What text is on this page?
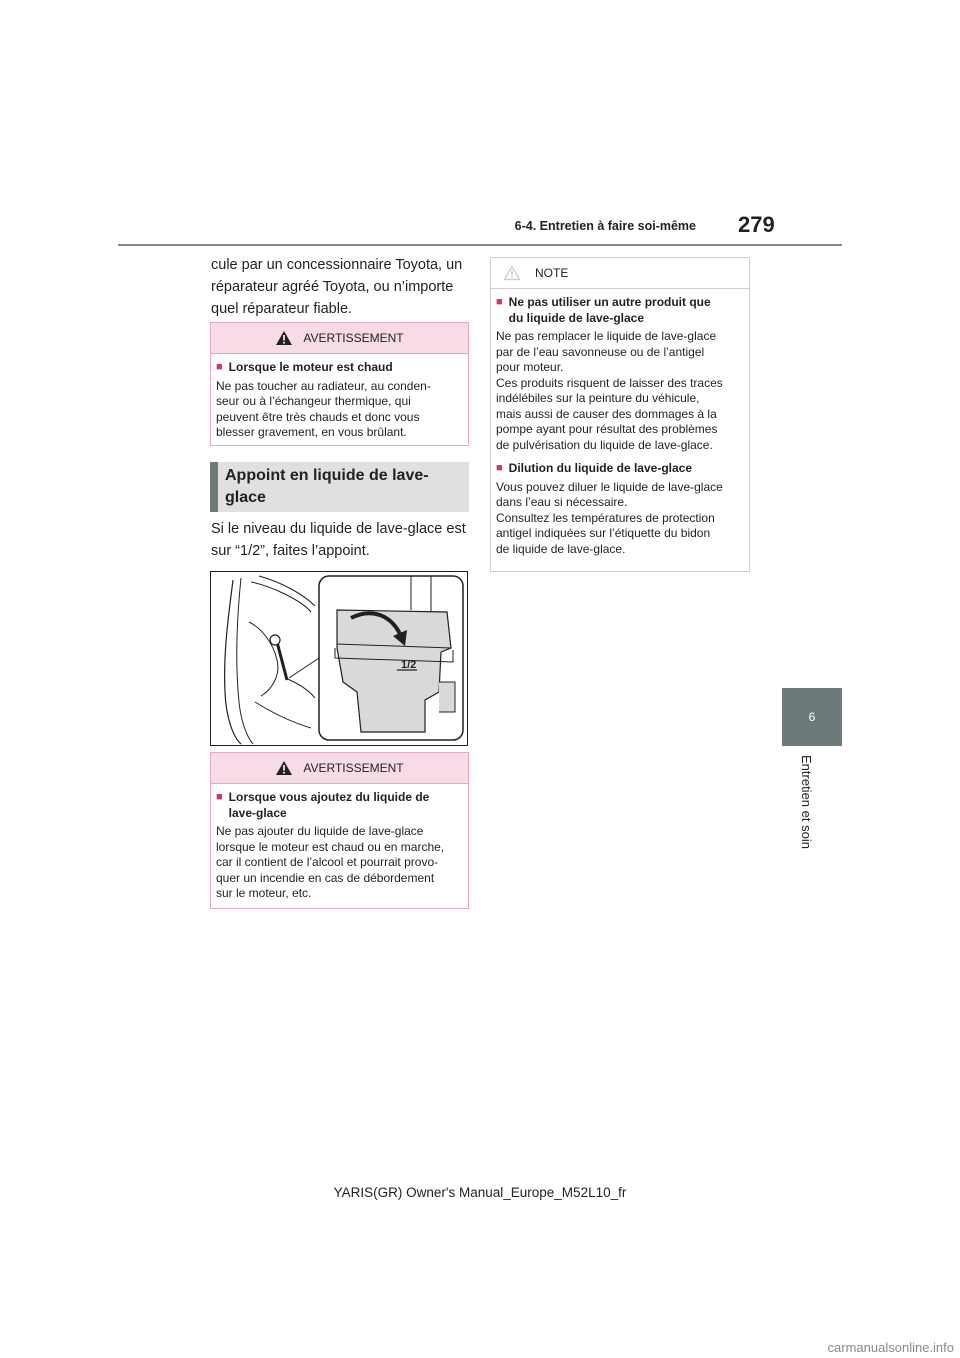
6-4. Entretien à faire soi-même 279
6
Entretien et soin

cule par un concessionnaire Toyota, un

réparateur agréé Toyota, ou n’importe

quel réparateur fiable.

AVERTISSEMENT
■ Lorsque le moteur est chaud
Ne pas toucher au radiateur, au conden-
seur ou à l’échangeur thermique, qui
peuvent être très chauds et donc vous
blesser gravement, en vous brûlant.
Appoint en liquide de lave-
glace
Si le niveau du liquide de lave-glace est
sur “1/2”, faites l’appoint.
1/2
AVERTISSEMENT
■ Lorsque vous ajoutez du liquide de
lave-glace
Ne pas ajouter du liquide de lave-glace
lorsque le moteur est chaud ou en marche,
car il contient de l’alcool et pourrait provo-
quer un incendie en cas de débordement
sur le moteur, etc.
NOTE
■ Ne pas utiliser un autre produit que
du liquide de lave-glace
Ne pas remplacer le liquide de lave-glace
par de l’eau savonneuse ou de l’antigel
pour moteur.
Ces produits risquent de laisser des traces
indélébiles sur la peinture du véhicule,
mais aussi de causer des dommages à la
pompe ayant pour résultat des problèmes
de pulvérisation du liquide de lave-glace.
■ Dilution du liquide de lave-glace
Vous pouvez diluer le liquide de lave-glace
dans l’eau si nécessaire.
Consultez les températures de protection
antigel indiquées sur l’étiquette du bidon
de liquide de lave-glace.
YARIS(GR) Owner's Manual_Europe_M52L10_fr
carmanualsonline.info
